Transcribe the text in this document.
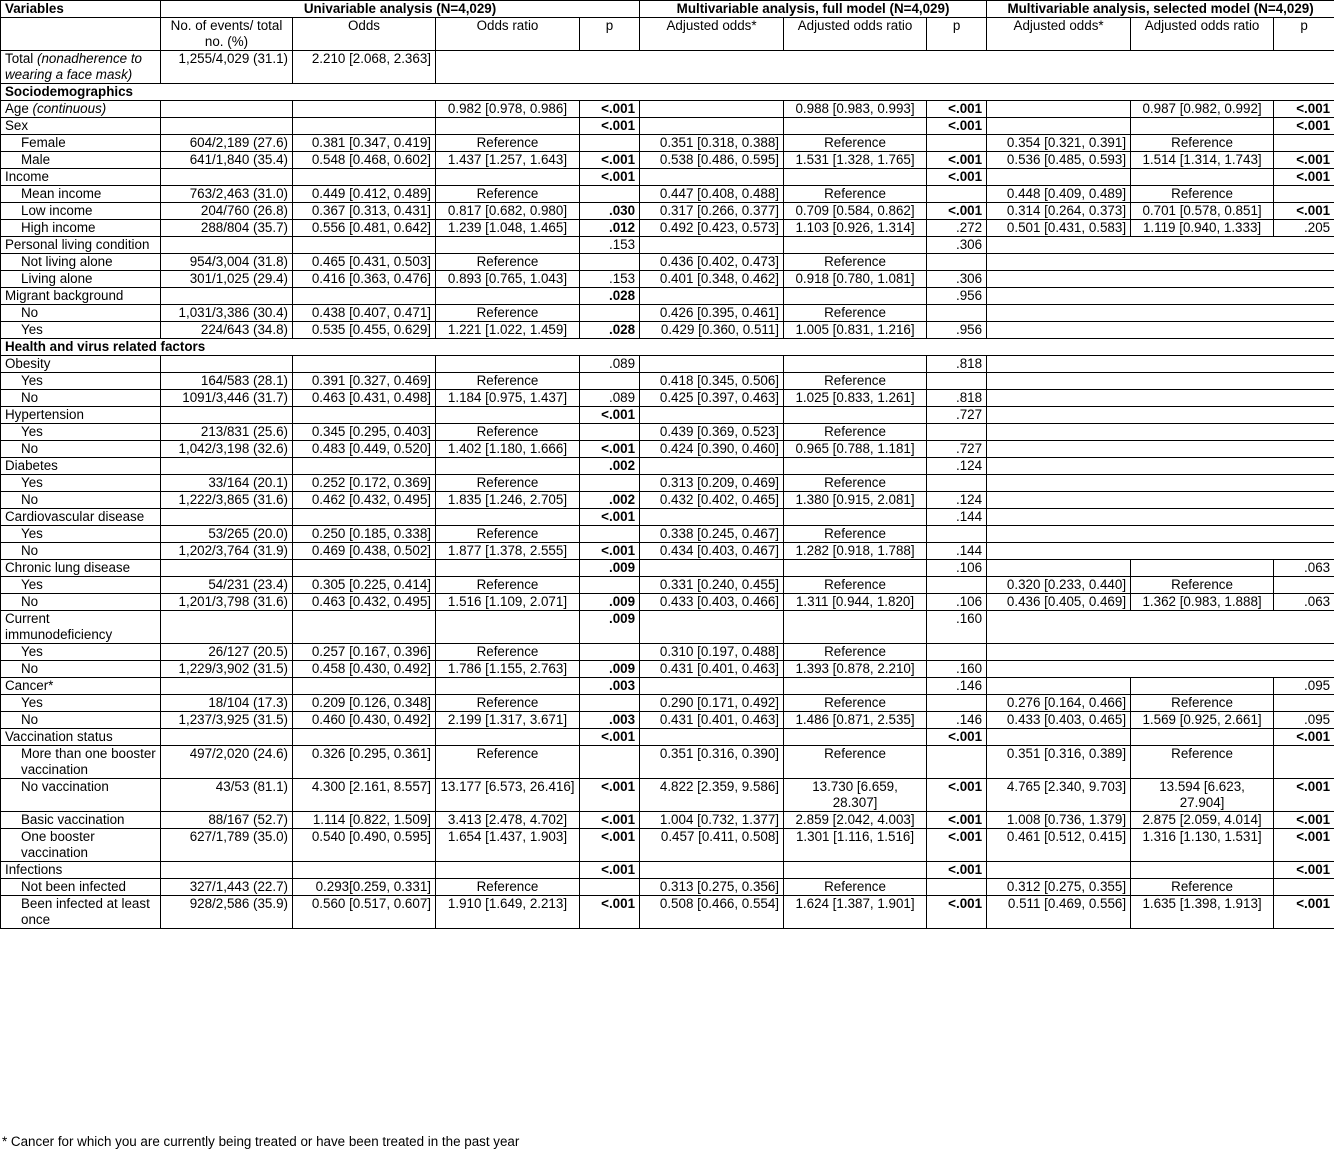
Variables	Univariable analysis (N=4,029)				Multivariable analysis, full model (N=4,029)			Multivariable analysis, selected model (N=4,029)		
	No. of events/ total no. (%)	Odds	Odds ratio	p	Adjusted odds*	Adjusted odds ratio	p	Adjusted odds*	Adjusted odds ratio	p
Total (nonadherence to wearing a face mask)	1,255/4,029 (31.1)	2.210 [2.068, 2.363]								
Sociodemographics										
Age (continuous)			0.982 [0.978, 0.986]	<.001		0.988 [0.983, 0.993]	<.001		0.987 [0.982, 0.992]	<.001
Sex				<.001			<.001			<.001
Female	604/2,189 (27.6)	0.381 [0.347, 0.419]	Reference		0.351 [0.318, 0.388]	Reference		0.354 [0.321, 0.391]	Reference	
Male	641/1,840 (35.4)	0.548 [0.468, 0.602]	1.437 [1.257, 1.643]	<.001	0.538 [0.486, 0.595]	1.531 [1.328, 1.765]	<.001	0.536 [0.485, 0.593]	1.514 [1.314, 1.743]	<.001
Income				<.001			<.001			<.001
Mean income	763/2,463 (31.0)	0.449 [0.412, 0.489]	Reference		0.447 [0.408, 0.488]	Reference		0.448 [0.409, 0.489]	Reference	
Low income	204/760 (26.8)	0.367 [0.313, 0.431]	0.817 [0.682, 0.980]	.030	0.317 [0.266, 0.377]	0.709 [0.584, 0.862]	<.001	0.314 [0.264, 0.373]	0.701 [0.578, 0.851]	<.001
High income	288/804 (35.7)	0.556 [0.481, 0.642]	1.239 [1.048, 1.465]	.012	0.492 [0.423, 0.573]	1.103 [0.926, 1.314]	.272	0.501 [0.431, 0.583]	1.119 [0.940, 1.333]	.205
Personal living condition				.153			.306			
Not living alone	954/3,004 (31.8)	0.465 [0.431, 0.503]	Reference		0.436 [0.402, 0.473]	Reference				
Living alone	301/1,025 (29.4)	0.416 [0.363, 0.476]	0.893 [0.765, 1.043]	.153	0.401 [0.348, 0.462]	0.918 [0.780, 1.081]	.306			
Migrant background				.028			.956			
No	1,031/3,386 (30.4)	0.438 [0.407, 0.471]	Reference		0.426 [0.395, 0.461]	Reference				
Yes	224/643 (34.8)	0.535 [0.455, 0.629]	1.221 [1.022, 1.459]	.028	0.429 [0.360, 0.511]	1.005 [0.831, 1.216]	.956			
Health and virus related factors										
Obesity				.089			.818			
Yes	164/583 (28.1)	0.391 [0.327, 0.469]	Reference		0.418 [0.345, 0.506]	Reference				
No	1091/3,446 (31.7)	0.463 [0.431, 0.498]	1.184 [0.975, 1.437]	.089	0.425 [0.397, 0.463]	1.025 [0.833, 1.261]	.818			
Hypertension				<.001			.727			
Yes	213/831 (25.6)	0.345 [0.295, 0.403]	Reference		0.439 [0.369, 0.523]	Reference				
No	1,042/3,198 (32.6)	0.483 [0.449, 0.520]	1.402 [1.180, 1.666]	<.001	0.424 [0.390, 0.460]	0.965 [0.788, 1.181]	.727			
Diabetes				.002			.124			
Yes	33/164 (20.1)	0.252 [0.172, 0.369]	Reference		0.313 [0.209, 0.469]	Reference				
No	1,222/3,865 (31.6)	0.462 [0.432, 0.495]	1.835 [1.246, 2.705]	.002	0.432 [0.402, 0.465]	1.380 [0.915, 2.081]	.124			
Cardiovascular disease				<.001			.144			
Yes	53/265 (20.0)	0.250 [0.185, 0.338]	Reference		0.338 [0.245, 0.467]	Reference				
No	1,202/3,764 (31.9)	0.469 [0.438, 0.502]	1.877 [1.378, 2.555]	<.001	0.434 [0.403, 0.467]	1.282 [0.918, 1.788]	.144			
Chronic lung disease				.009			.106			.063
Yes	54/231 (23.4)	0.305 [0.225, 0.414]	Reference		0.331 [0.240, 0.455]	Reference		0.320 [0.233, 0.440]	Reference	
No	1,201/3,798 (31.6)	0.463 [0.432, 0.495]	1.516 [1.109, 2.071]	.009	0.433 [0.403, 0.466]	1.311 [0.944, 1.820]	.106	0.436 [0.405, 0.469]	1.362 [0.983, 1.888]	.063
Current immunodeficiency				.009			.160			
Yes	26/127 (20.5)	0.257 [0.167, 0.396]	Reference		0.310 [0.197, 0.488]	Reference				
No	1,229/3,902 (31.5)	0.458 [0.430, 0.492]	1.786 [1.155, 2.763]	.009	0.431 [0.401, 0.463]	1.393 [0.878, 2.210]	.160			
Cancer*				.003			.146			.095
Yes	18/104 (17.3)	0.209 [0.126, 0.348]	Reference		0.290 [0.171, 0.492]	Reference		0.276 [0.164, 0.466]	Reference	
No	1,237/3,925 (31.5)	0.460 [0.430, 0.492]	2.199 [1.317, 3.671]	.003	0.431 [0.401, 0.463]	1.486 [0.871, 2.535]	.146	0.433 [0.403, 0.465]	1.569 [0.925, 2.661]	.095
Vaccination status				<.001			<.001			<.001
More than one booster vaccination	497/2,020 (24.6)	0.326 [0.295, 0.361]	Reference		0.351 [0.316, 0.390]	Reference		0.351 [0.316, 0.389]	Reference	
No vaccination	43/53 (81.1)	4.300 [2.161, 8.557]	13.177 [6.573, 26.416]	<.001	4.822 [2.359, 9.586]	13.730 [6.659, 28.307]	<.001	4.765 [2.340, 9.703]	13.594 [6.623, 27.904]	<.001
Basic vaccination	88/167 (52.7)	1.114 [0.822, 1.509]	3.413 [2.478, 4.702]	<.001	1.004 [0.732, 1.377]	2.859 [2.042, 4.003]	<.001	1.008 [0.736, 1.379]	2.875 [2.059, 4.014]	<.001
One booster vaccination	627/1,789 (35.0)	0.540 [0.490, 0.595]	1.654 [1.437, 1.903]	<.001	0.457 [0.411, 0.508]	1.301 [1.116, 1.516]	<.001	0.461 [0.512, 0.415]	1.316 [1.130, 1.531]	<.001
Infections				<.001			<.001			<.001
Not been infected	327/1,443 (22.7)	0.293[0.259, 0.331]	Reference		0.313 [0.275, 0.356]	Reference		0.312 [0.275, 0.355]	Reference	
Been infected at least once	928/2,586 (35.9)	0.560 [0.517, 0.607]	1.910 [1.649, 2.213]	<.001	0.508 [0.466, 0.554]	1.624 [1.387, 1.901]	<.001	0.511 [0.469, 0.556]	1.635 [1.398, 1.913]	<.001
* Cancer for which you are currently being treated or have been treated in the past year
